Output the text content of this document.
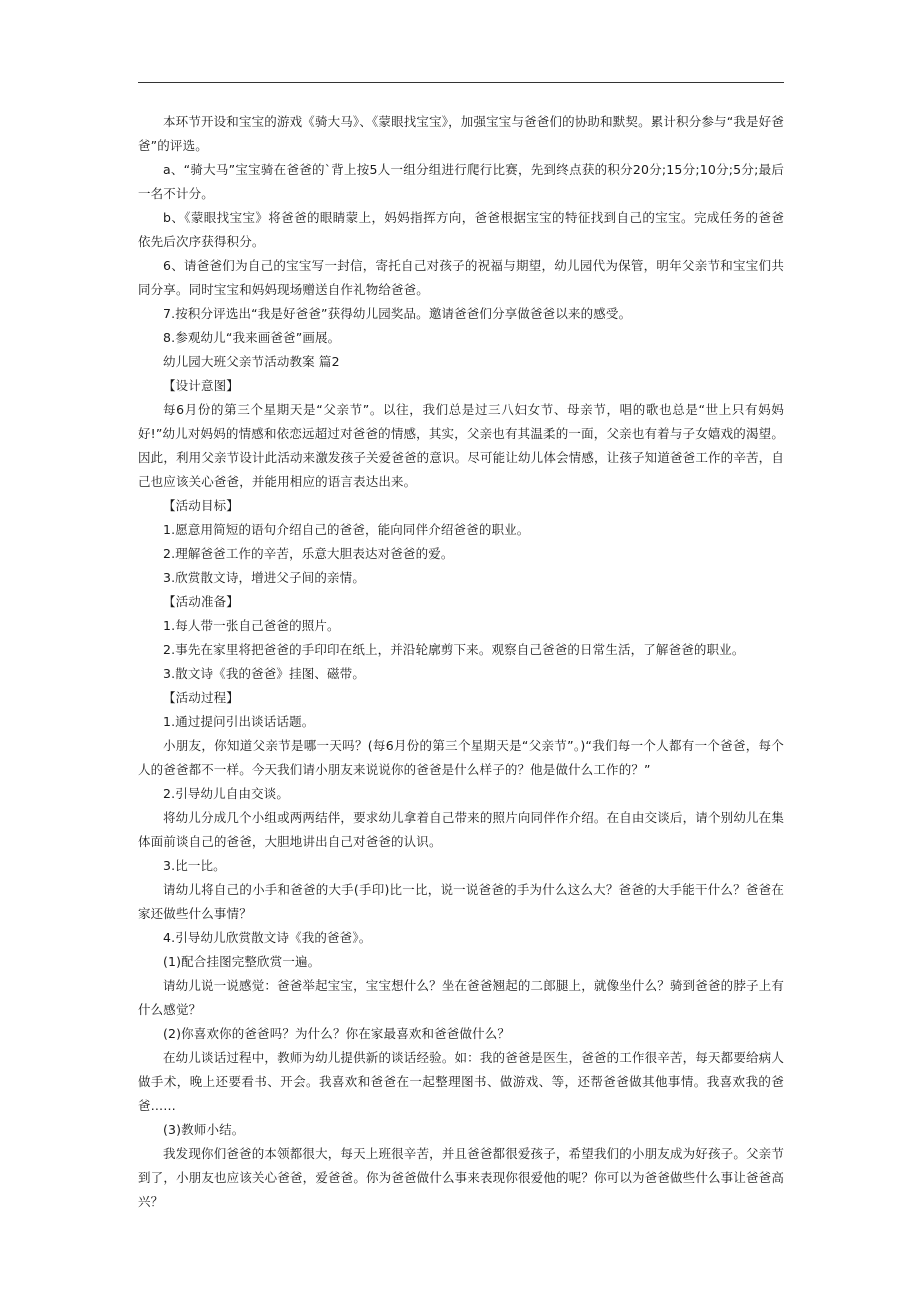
本环节开设和宝宝的游戏《骑大马》、《蒙眼找宝宝》，加强宝宝与爸爸们的协助和默契。累计积分参与“我是好爸爸”的评选。

a、“骑大马”宝宝骑在爸爸的`背上按5人一组分组进行爬行比赛，先到终点获的积分20分;15分;10分;5分;最后一名不计分。

b、《蒙眼找宝宝》将爸爸的眼睛蒙上，妈妈指挥方向，爸爸根据宝宝的特征找到自己的宝宝。完成任务的爸爸依先后次序获得积分。

6、请爸爸们为自己的宝宝写一封信，寄托自己对孩子的祝福与期望，幼儿园代为保管，明年父亲节和宝宝们共同分享。同时宝宝和妈妈现场赠送自作礼物给爸爸。

7.按积分评选出“我是好爸爸”获得幼儿园奖品。邀请爸爸们分享做爸爸以来的感受。

8.参观幼儿“我来画爸爸”画展。

幼儿园大班父亲节活动教案 篇2

【设计意图】

每6月份的第三个星期天是“父亲节”。以往，我们总是过三八妇女节、母亲节，唱的歌也总是“世上只有妈妈好!”幼儿对妈妈的情感和依恋远超过对爸爸的情感，其实，父亲也有其温柔的一面，父亲也有着与子女嬉戏的渴望。因此，利用父亲节设计此活动来激发孩子关爱爸爸的意识。尽可能让幼儿体会情感，让孩子知道爸爸工作的辛苦，自己也应该关心爸爸，并能用相应的语言表达出来。

【活动目标】

1.愿意用简短的语句介绍自己的爸爸，能向同伴介绍爸爸的职业。

2.理解爸爸工作的辛苦，乐意大胆表达对爸爸的爱。

3.欣赏散文诗，增进父子间的亲情。

【活动准备】

1.每人带一张自己爸爸的照片。

2.事先在家里将把爸爸的手印印在纸上，并沿轮廓剪下来。观察自己爸爸的日常生活，了解爸爸的职业。

3.散文诗《我的爸爸》挂图、磁带。

【活动过程】

1.通过提问引出谈话话题。

小朋友，你知道父亲节是哪一天吗？(每6月份的第三个星期天是“父亲节”。)“我们每一个人都有一个爸爸，每个人的爸爸都不一样。今天我们请小朋友来说说你的爸爸是什么样子的？他是做什么工作的？”

2.引导幼儿自由交谈。

将幼儿分成几个小组或两两结伴，要求幼儿拿着自己带来的照片向同伴作介绍。在自由交谈后，请个别幼儿在集体面前谈自己的爸爸，大胆地讲出自己对爸爸的认识。

3.比一比。

请幼儿将自己的小手和爸爸的大手(手印)比一比，说一说爸爸的手为什么这么大？爸爸的大手能干什么？爸爸在家还做些什么事情？

4.引导幼儿欣赏散文诗《我的爸爸》。

(1)配合挂图完整欣赏一遍。

请幼儿说一说感觉：爸爸举起宝宝，宝宝想什么？坐在爸爸翘起的二郎腿上，就像坐什么？骑到爸爸的脖子上有什么感觉？

(2)你喜欢你的爸爸吗？为什么？你在家最喜欢和爸爸做什么？

在幼儿谈话过程中，教师为幼儿提供新的谈话经验。如：我的爸爸是医生，爸爸的工作很辛苦，每天都要给病人做手术，晚上还要看书、开会。我喜欢和爸爸在一起整理图书、做游戏、等，还帮爸爸做其他事情。我喜欢我的爸爸……

(3)教师小结。

我发现你们爸爸的本领都很大，每天上班很辛苦，并且爸爸都很爱孩子，希望我们的小朋友成为好孩子。父亲节到了，小朋友也应该关心爸爸，爱爸爸。你为爸爸做什么事来表现你很爱他的呢？你可以为爸爸做些什么事让爸爸高兴？
